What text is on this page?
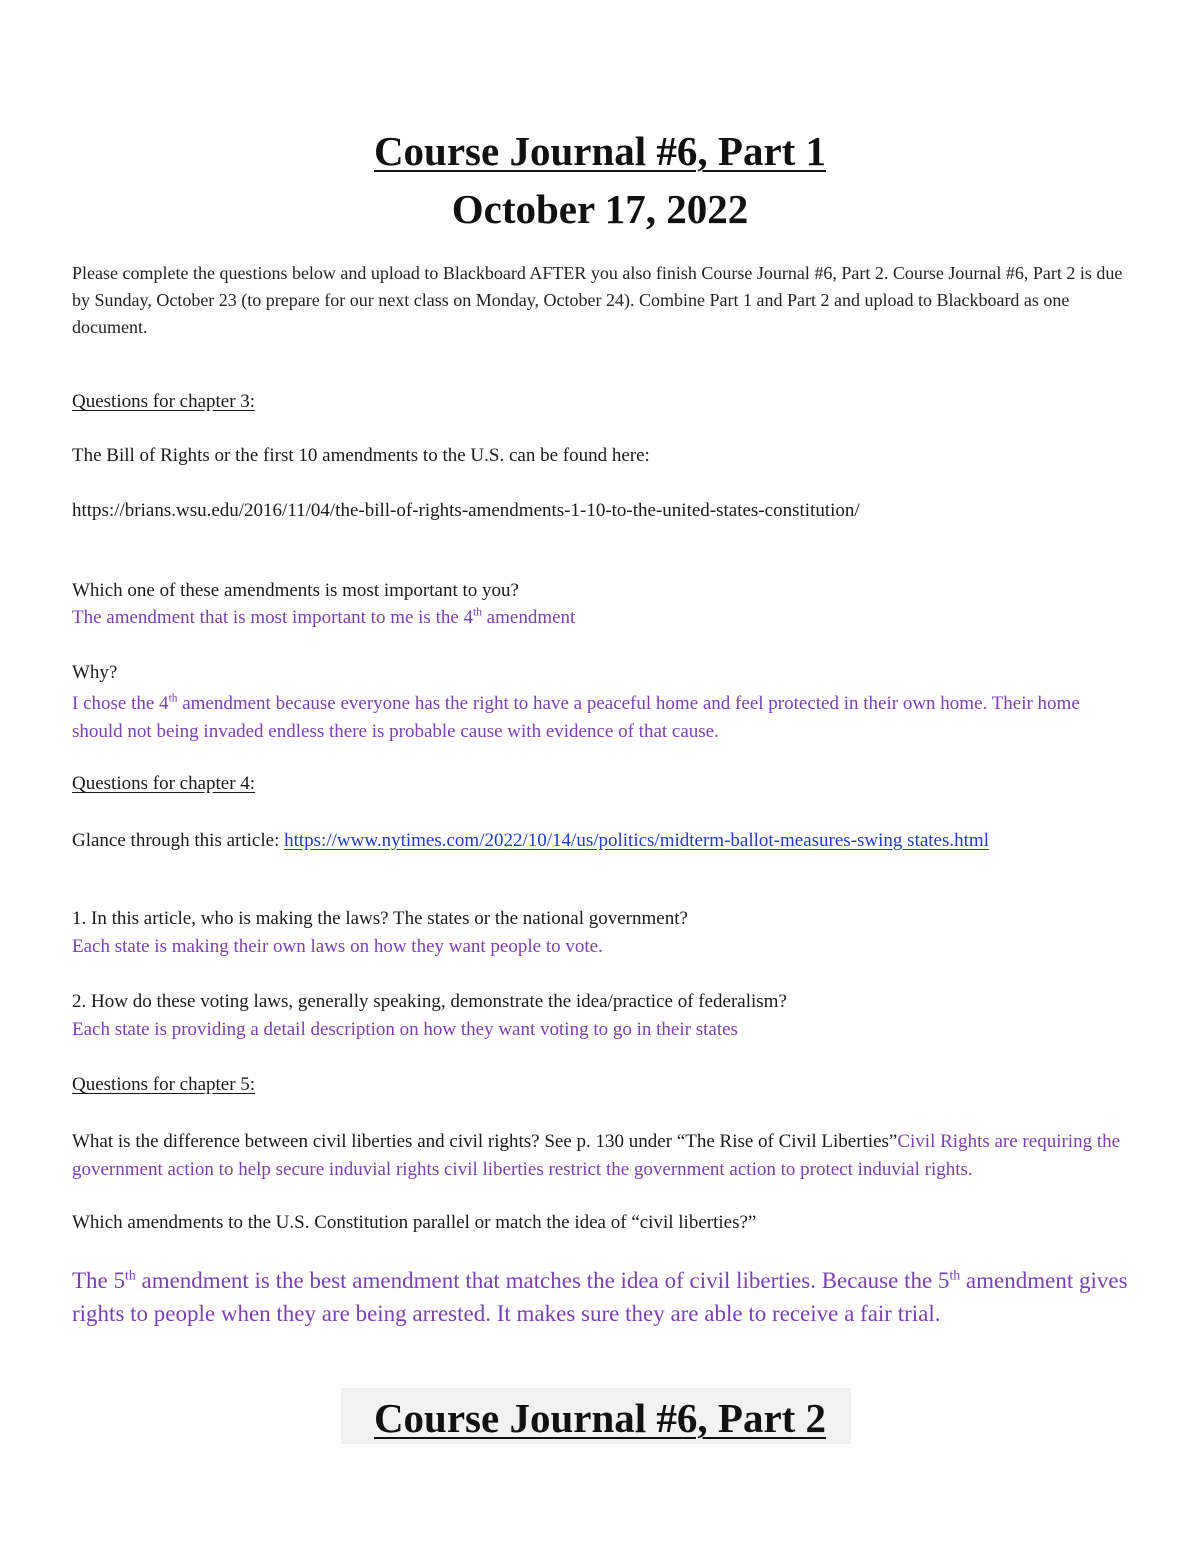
Course Journal #6, Part 1
October 17, 2022
Please complete the questions below and upload to Blackboard AFTER you also finish Course Journal #6, Part 2. Course Journal #6, Part 2 is due by Sunday, October 23 (to prepare for our next class on Monday, October 24). Combine Part 1 and Part 2 and upload to Blackboard as one document.
Questions for chapter 3:
The Bill of Rights or the first 10 amendments to the U.S. can be found here:
https://brians.wsu.edu/2016/11/04/the-bill-of-rights-amendments-1-10-to-the-united-states-constitution/
Which one of these amendments is most important to you?
The amendment that is most important to me is the 4th amendment
Why?
I chose the 4th amendment because everyone has the right to have a peaceful home and feel protected in their own home. Their home should not being invaded endless there is probable cause with evidence of that cause.
Questions for chapter 4:
Glance through this article: https://www.nytimes.com/2022/10/14/us/politics/midterm-ballot-measures-swing states.html
1. In this article, who is making the laws? The states or the national government?
Each state is making their own laws on how they want people to vote.
2. How do these voting laws, generally speaking, demonstrate the idea/practice of federalism?
Each state is providing a detail description on how they want voting to go in their states
Questions for chapter 5:
What is the difference between civil liberties and civil rights? See p. 130 under “The Rise of Civil Liberties”Civil Rights are requiring the government action to help secure induvial rights civil liberties restrict the government action to protect induvial rights.
Which amendments to the U.S. Constitution parallel or match the idea of “civil liberties?”
The 5th amendment is the best amendment that matches the idea of civil liberties. Because the 5th amendment gives rights to people when they are being arrested. It makes sure they are able to receive a fair trial.
Course Journal #6, Part 2
